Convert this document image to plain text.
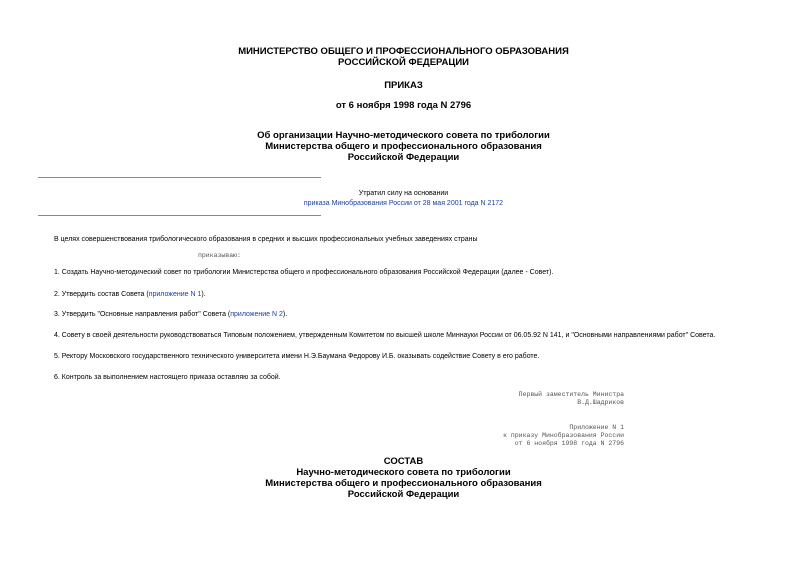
МИНИСТЕРСТВО ОБЩЕГО И ПРОФЕССИОНАЛЬНОГО ОБРАЗОВАНИЯ
РОССИЙСКОЙ ФЕДЕРАЦИИ
ПРИКАЗ
от 6 ноября 1998 года N 2796
Об организации Научно-методического совета по трибологии
Министерства общего и профессионального образования
Российской Федерации
Утратил силу на основании
приказа Минобразования России от 28 мая 2001 года N 2172
В целях совершенствования трибологического образования в средних и высших профессиональных учебных заведениях страны
приказываю:
1. Создать Научно-методический совет по трибологии Министерства общего и профессионального образования Российской Федерации (далее - Совет).
2. Утвердить состав Совета (приложение N 1).
3. Утвердить "Основные направления работ" Совета (приложение N 2).
4. Совету в своей деятельности руководствоваться Типовым положением, утвержденным Комитетом по высшей школе Миннауки России от 06.05.92 N 141, и "Основными направлениями работ" Совета.
5. Ректору Московского государственного технического университета имени Н.Э.Баумана Федорову И.Б. оказывать содействие Совету в его работе.
6. Контроль за выполнением настоящего приказа оставляю за собой.
Первый заместитель Министра
В.Д.Шадриков
Приложение N 1
к приказу Минобразования России
от 6 ноября 1998 года N 2796
СОСТАВ
Научно-методического совета по трибологии
Министерства общего и профессионального образования
Российской Федерации
